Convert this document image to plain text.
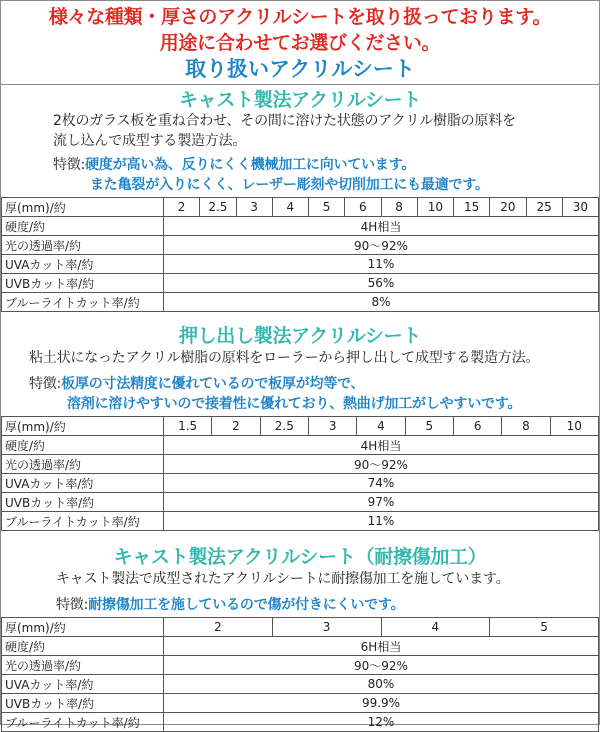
様々な種類・厚さのアクリルシートを取り扱っております。
用途に合わせてお選びください。
取り扱いアクリルシート
キャスト製法アクリルシート
2枚のガラス板を重ね合わせ、その間に溶けた状態のアクリル樹脂の原料を
流し込んで成型する製造方法。
特徴:硬度が高い為、反りにくく機械加工に向いています。
また亀裂が入りにくく、レーザー彫刻や切削加工にも最適です。
厚(mm)/約	2	2.5	3	4	5	6	8	10	15	20	25	30
硬度/約	4H相当											
光の透過率/約	90～92%											
UVAカット率/約	11%											
UVBカット率/約	56%											
ブルーライトカット率/約	8%											
押し出し製法アクリルシート
粘土状になったアクリル樹脂の原料をローラーから押し出して成型する製造方法。
特徴:板厚の寸法精度に優れているので板厚が均等で、
溶剤に溶けやすいので接着性に優れており、熱曲げ加工がしやすいです。
厚(mm)/約	1.5	2	2.5	3	4	5	6	8	10
硬度/約	4H相当								
光の透過率/約	90～92%								
UVAカット率/約	74%								
UVBカット率/約	97%								
ブルーライトカット率/約	11%								
キャスト製法アクリルシート（耐擦傷加工）
キャスト製法で成型されたアクリルシートに耐擦傷加工を施しています。
特徴:耐擦傷加工を施しているので傷が付きにくいです。
厚(mm)/約	2	3	4	5
硬度/約	6H相当			
光の透過率/約	90～92%			
UVAカット率/約	80%			
UVBカット率/約	99.9%			
ブルーライトカット率/約	12%			
